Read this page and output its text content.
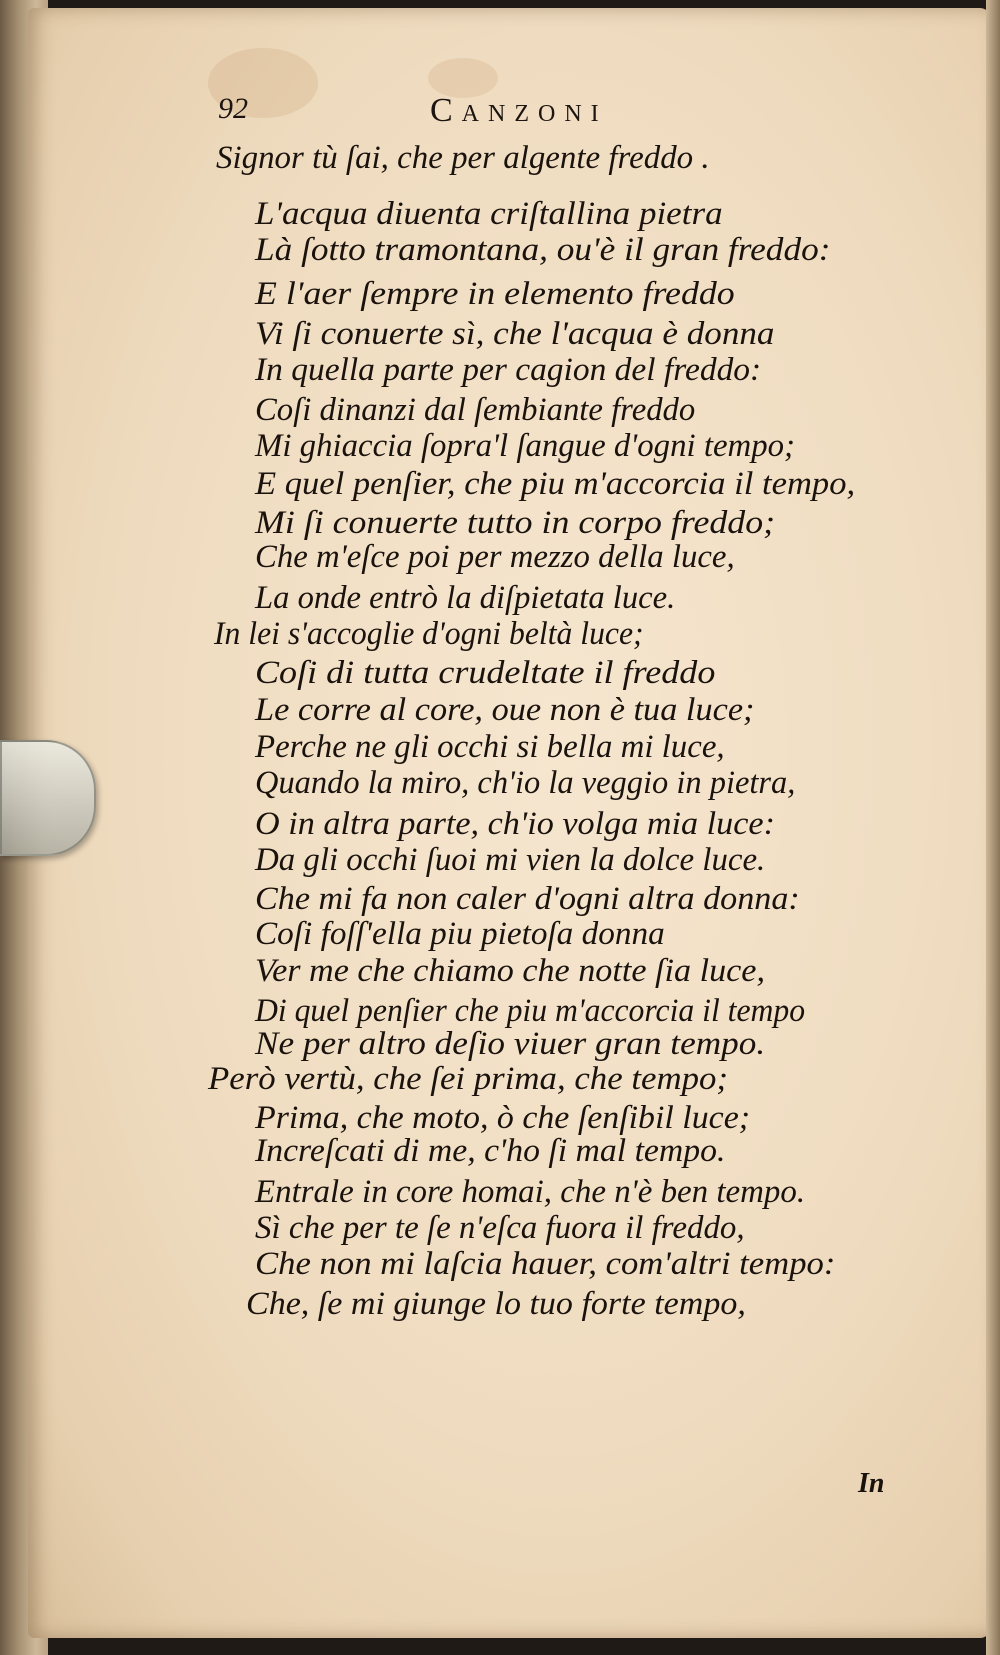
92	Canzoni

Signor tù ſai, che per algente freddo .

L'acqua diuenta criſtallina pietra

Là ſotto tramontana, ou'è il gran freddo:

E l'aer ſempre in elemento freddo

Vi ſi conuerte sì, che l'acqua è donna

In quella parte per cagion del freddo:

Coſi dinanzi dal ſembiante freddo

Mi ghiaccia ſopra'l ſangue d'ogni tempo;

E quel penſier, che piu m'accorcia il tempo,

Mi ſi conuerte tutto in corpo freddo;

Che m'eſce poi per mezzo della luce,

La onde entrò la diſpietata luce.

In lei s'accoglie d'ogni beltà luce;

Coſi di tutta crudeltate il freddo

Le corre al core, oue non è tua luce;

Perche ne gli occhi si bella mi luce,

Quando la miro, ch'io la veggio in pietra,

O in altra parte, ch'io volga mia luce:

Da gli occhi ſuoi mi vien la dolce luce.

Che mi fa non caler d'ogni altra donna:

Coſi foſſ'ella piu pietoſa donna

Ver me che chiamo che notte ſia luce,

Di quel penſier che piu m'accorcia il tempo

Ne per altro deſio viuer gran tempo.

Però vertù, che ſei prima, che tempo;

Prima, che moto, ò che ſenſibil luce;

Increſcati di me, c'ho ſi mal tempo.

Entrale in core homai, che n'è ben tempo.

Sì che per te ſe n'eſca fuora il freddo,

Che non mi laſcia hauer, com'altri tempo:

Che, ſe mi giunge lo tuo forte tempo,

In
